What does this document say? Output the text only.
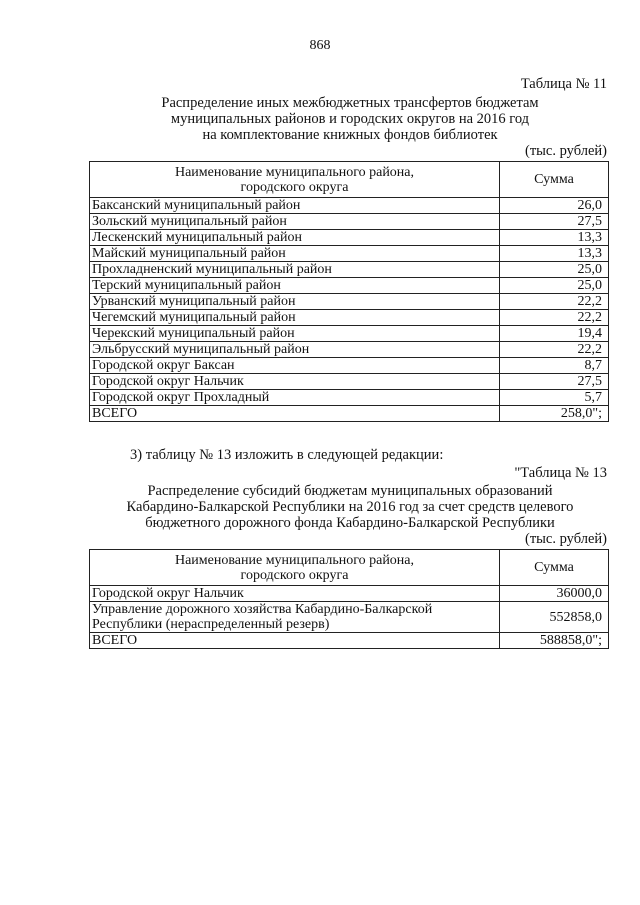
868
Таблица № 11
Распределение иных межбюджетных трансфертов бюджетам
муниципальных районов и городских округов на 2016 год
на комплектование книжных фондов библиотек
(тыс. рублей)
Наименование муниципального района,
городского округа	Сумма
Баксанский муниципальный район	26,0
Зольский муниципальный район	27,5
Лескенский муниципальный район	13,3
Майский муниципальный район	13,3
Прохладненский муниципальный район	25,0
Терский муниципальный район	25,0
Урванский муниципальный район	22,2
Чегемский муниципальный район	22,2
Черекский муниципальный район	19,4
Эльбрусский муниципальный район	22,2
Городской округ Баксан	8,7
Городской округ Нальчик	27,5
Городской округ Прохладный	5,7
ВСЕГО	258,0";
3) таблицу № 13 изложить в следующей редакции:
"Таблица № 13
Распределение субсидий бюджетам муниципальных образований
Кабардино-Балкарской Республики на 2016 год за счет средств целевого
бюджетного дорожного фонда Кабардино-Балкарской Республики
(тыс. рублей)
Наименование муниципального района,
городского округа	Сумма
Городской округ Нальчик	36000,0

Управление дорожного хозяйства Кабардино-Балкарской
Республики (нераспределенный резерв)	552858,0
ВСЕГО	588858,0";
